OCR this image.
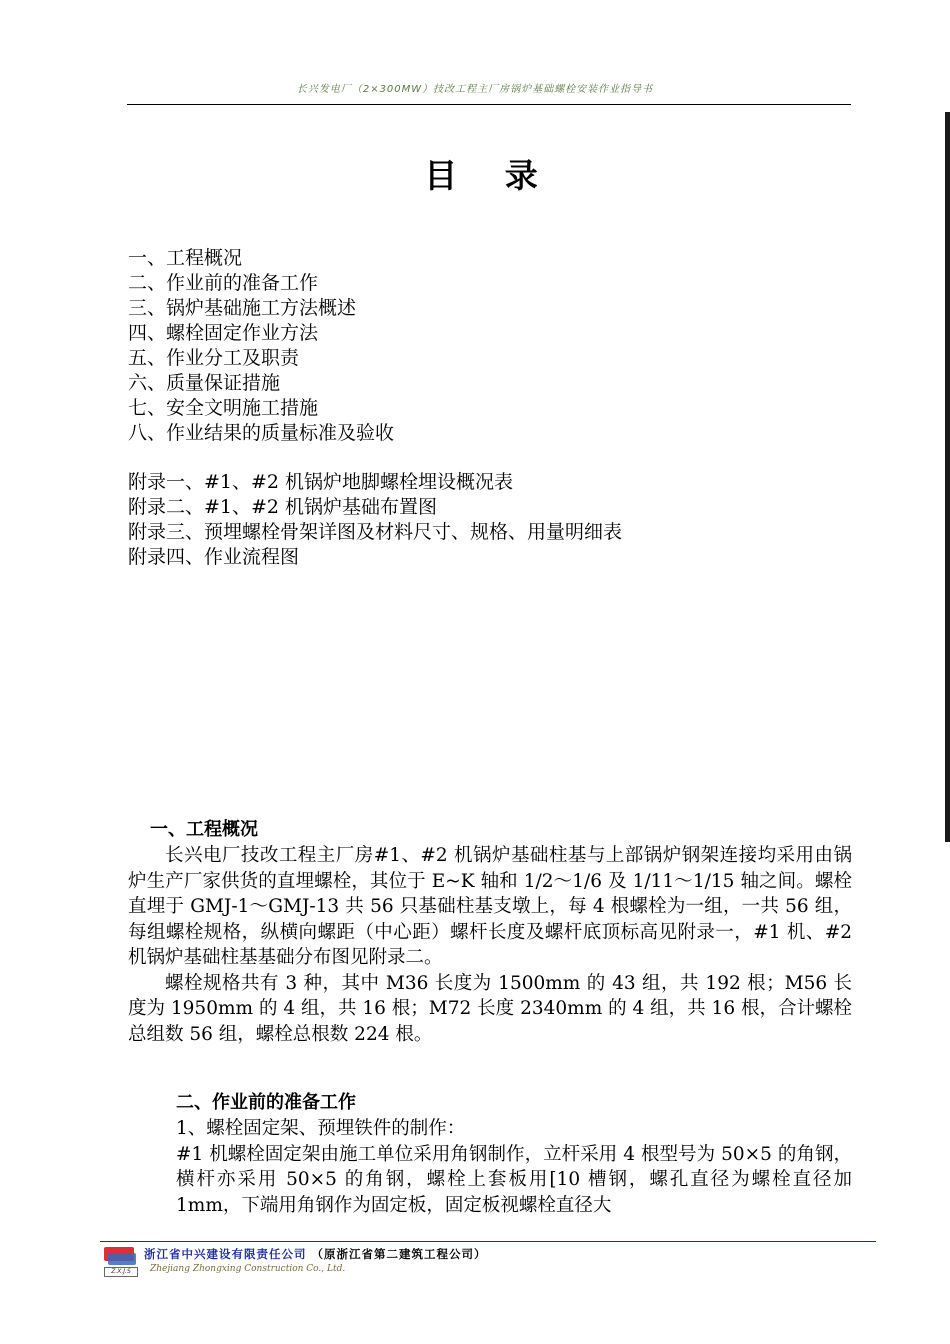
长兴发电厂（2×300MW）技改工程主厂房锅炉基础螺栓安装作业指导书
目 录
一、工程概况
二、作业前的准备工作
三、锅炉基础施工方法概述
四、螺栓固定作业方法
五、作业分工及职责
六、质量保证措施
七、安全文明施工措施
八、作业结果的质量标准及验收
附录一、#1、#2 机锅炉地脚螺栓埋设概况表
附录二、#1、#2 机锅炉基础布置图
附录三、预埋螺栓骨架详图及材料尺寸、规格、用量明细表
附录四、作业流程图
一、工程概况

长兴电厂技改工程主厂房#1、#2 机锅炉基础柱基与上部锅炉钢架连接均采用由锅炉生产厂家供货的直埋螺栓，其位于 E~K 轴和 1/2～1/6 及 1/11～1/15 轴之间。螺栓直埋于 GMJ-1～GMJ-13 共 56 只基础柱基支墩上，每 4 根螺栓为一组，一共 56 组，每组螺栓规格，纵横向螺距（中心距）螺杆长度及螺杆底顶标高见附录一，#1 机、#2 机锅炉基础柱基基础分布图见附录二。

螺栓规格共有 3 种，其中 M36 长度为 1500mm 的 43 组，共 192 根；M56 长度为 1950mm 的 4 组，共 16 根；M72 长度 2340mm 的 4 组，共 16 根，合计螺栓总组数 56 组，螺栓总根数 224 根。

二、作业前的准备工作

1、螺栓固定架、预埋铁件的制作：

#1 机螺栓固定架由施工单位采用角钢制作，立杆采用 4 根型号为 50×5 的角钢，横杆亦采用 50×5 的角钢，螺栓上套板用[10 槽钢，螺孔直径为螺栓直径加 1mm，下端用角钢作为固定板，固定板视螺栓直径大

Z.X.J.S
浙江省中兴建设有限责任公司 （原浙江省第二建筑工程公司）
Zhejiang Zhongxing Construction Co., Ltd.
